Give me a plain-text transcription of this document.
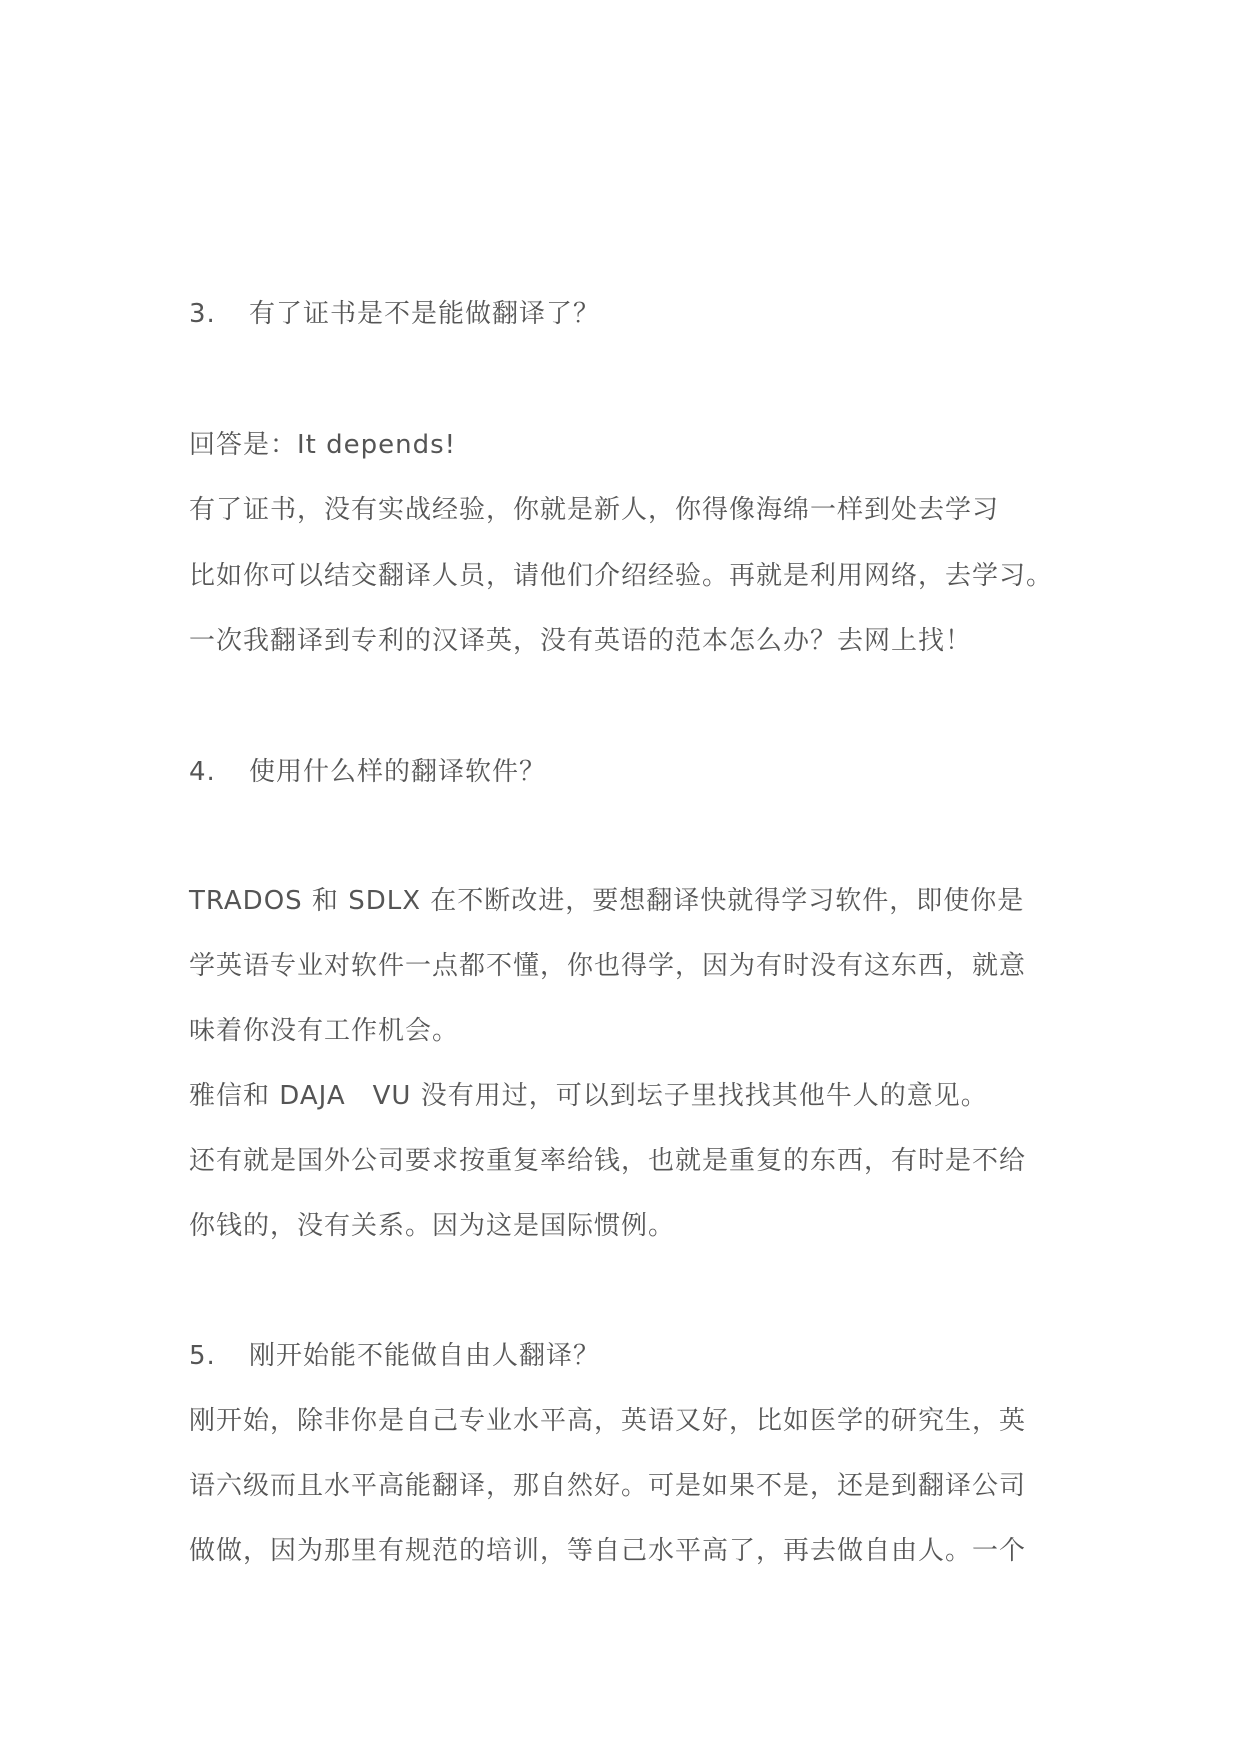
3. 有了证书是不是能做翻译了？
回答是：It depends!
有了证书，没有实战经验，你就是新人，你得像海绵一样到处去学习
比如你可以结交翻译人员，请他们介绍经验。再就是利用网络，去学习。
一次我翻译到专利的汉译英，没有英语的范本怎么办？去网上找！
4. 使用什么样的翻译软件？
TRADOS 和 SDLX 在不断改进，要想翻译快就得学习软件，即使你是
学英语专业对软件一点都不懂，你也得学，因为有时没有这东西，就意
味着你没有工作机会。
雅信和 DAJA　VU 没有用过，可以到坛子里找找其他牛人的意见。
还有就是国外公司要求按重复率给钱，也就是重复的东西，有时是不给
你钱的，没有关系。因为这是国际惯例。
5. 刚开始能不能做自由人翻译？
刚开始，除非你是自己专业水平高，英语又好，比如医学的研究生，英
语六级而且水平高能翻译，那自然好。可是如果不是，还是到翻译公司
做做，因为那里有规范的培训，等自己水平高了，再去做自由人。一个
